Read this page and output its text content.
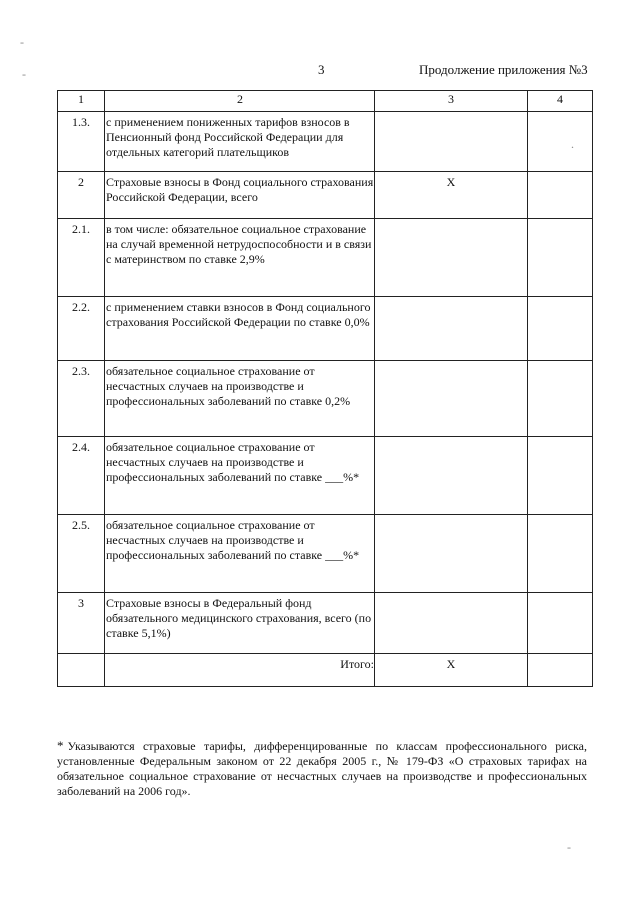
-
-
.
-
3	Продолжение приложения №3
1	2	3	4
1.3.	с применением пониженных тарифов взносов в Пенсионный фонд Российской Федерации для отдельных категорий плательщиков		
2	Страховые взносы в Фонд социального страхования Российской Федерации, всего	Х	
2.1.	в том числе: обязательное социальное страхование на случай временной нетрудоспособности и в связи с материнством по ставке 2,9%		
2.2.	с применением ставки взносов в Фонд социального страхования Российской Федерации по ставке 0,0%		
2.3.	обязательное социальное страхование от несчастных случаев на производстве и профессиональных заболеваний по ставке 0,2%		
2.4.	обязательное социальное страхование от несчастных случаев на производстве и профессиональных заболеваний по ставке ___%*		
2.5.	обязательное социальное страхование от несчастных случаев на производстве и профессиональных заболеваний по ставке ___%*		
3	Страховые взносы в Федеральный фонд обязательного медицинского страхования, всего (по ставке 5,1%)		
	Итого:	Х	
* Указываются страховые тарифы, дифференцированные по классам профессионального риска, установленные Федеральным законом от 22 декабря 2005 г., № 179-ФЗ «О страховых тарифах на обязательное социальное страхование от несчастных случаев на производстве и профессиональных заболеваний на 2006 год».
